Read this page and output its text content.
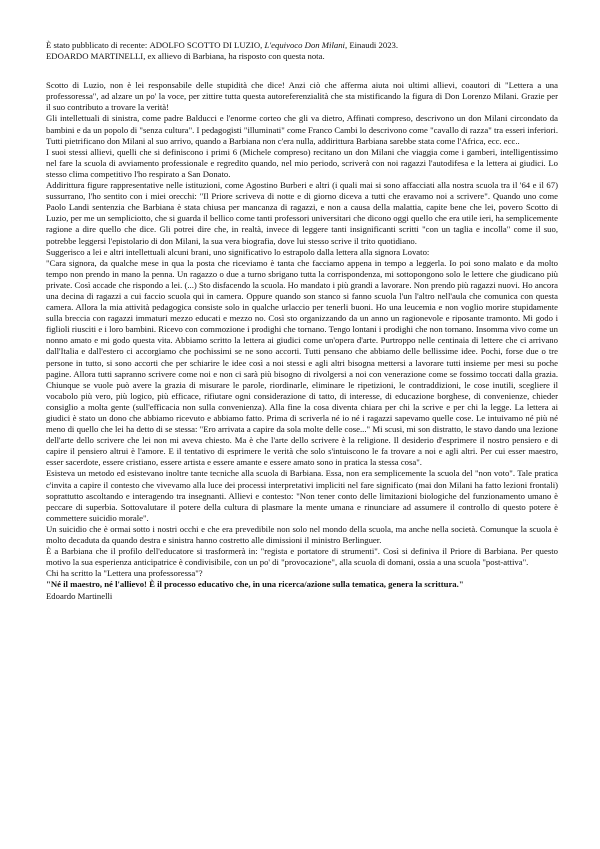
È stato pubblicato di recente: ADOLFO SCOTTO DI LUZIO, L'equivoco Don Milani, Einaudi 2023.

EDOARDO MARTINELLI, ex allievo di Barbiana, ha risposto con questa nota.

Scotto di Luzio, non è lei responsabile delle stupidità che dice! Anzi ciò che afferma aiuta noi ultimi allievi, coautori di "Lettera a una professoressa", ad alzare un po' la voce, per zittire tutta questa autoreferenzialità che sta mistificando la figura di Don Lorenzo Milani. Grazie per il suo contributo a trovare la verità!

Gli intellettuali di sinistra, come padre Balducci e l'enorme corteo che gli va dietro, Affinati compreso, descrivono un don Milani circondato da bambini e da un popolo di "senza cultura". I pedagogisti "illuminati" come Franco Cambi lo descrivono come "cavallo di razza" tra esseri inferiori. Tutti pietrificano don Milani al suo arrivo, quando a Barbiana non c'era nulla, addirittura Barbiana sarebbe stata come l'Africa, ecc. ecc..

I suoi stessi allievi, quelli che si definiscono i primi 6 (Michele compreso) recitano un don Milani che viaggia come i gamberi, intelligentissimo nel fare la scuola di avviamento professionale e regredito quando, nel mio periodo, scriverà con noi ragazzi l'autodifesa e la lettera ai giudici. Lo stesso clima competitivo l'ho respirato a San Donato.

Addirittura figure rappresentative nelle istituzioni, come Agostino Burberi e altri (i quali mai si sono affacciati alla nostra scuola tra il '64 e il 67) sussurrano, l'ho sentito con i miei orecchi: "Il Priore scriveva di notte e di giorno diceva a tutti che eravamo noi a scrivere". Quando uno come Paolo Landi sentenzia che Barbiana è stata chiusa per mancanza di ragazzi, e non a causa della malattia, capite bene che lei, povero Scotto di Luzio, per me un sempliciotto, che si guarda il bellico come tanti professori universitari che dicono oggi quello che era utile ieri, ha semplicemente ragione a dire quello che dice. Gli potrei dire che, in realtà, invece di leggere tanti insignificanti scritti "con un taglia e incolla" come il suo, potrebbe leggersi l'epistolario di don Milani, la sua vera biografia, dove lui stesso scrive il trito quotidiano.

Suggerisco a lei e altri intellettuali alcuni brani, uno significativo lo estrapolo dalla lettera alla signora Lovato:

"Cara signora, da qualche mese in qua la posta che riceviamo è tanta che facciamo appena in tempo a leggerla. Io poi sono malato e da molto tempo non prendo in mano la penna. Un ragazzo o due a turno sbrigano tutta la corrispondenza, mi sottopongono solo le lettere che giudicano più private. Così accade che rispondo a lei. (...) Sto disfacendo la scuola. Ho mandato i più grandi a lavorare. Non prendo più ragazzi nuovi. Ho ancora una decina di ragazzi a cui faccio scuola qui in camera. Oppure quando son stanco si fanno scuola l'un l'altro nell'aula che comunica con questa camera. Allora la mia attività pedagogica consiste solo in qualche urlaccio per tenerli buoni. Ho una leucemia e non voglio morire stupidamente sulla breccia con ragazzi immaturi mezzo educati e mezzo no. Così sto organizzando da un anno un ragionevole e riposante tramonto. Mi godo i figlioli riusciti e i loro bambini. Ricevo con commozione i prodighi che tornano. Tengo lontani i prodighi che non tornano. Insomma vivo come un nonno amato e mi godo questa vita. Abbiamo scritto la lettera ai giudici come un'opera d'arte. Purtroppo nelle centinaia di lettere che ci arrivano dall'Italia e dall'estero ci accorgiamo che pochissimi se ne sono accorti. Tutti pensano che abbiamo delle bellissime idee. Pochi, forse due o tre persone in tutto, si sono accorti che per schiarire le idee così a noi stessi e agli altri bisogna mettersi a lavorare tutti insieme per mesi su poche pagine. Allora tutti sapranno scrivere come noi e non ci sarà più bisogno di rivolgersi a noi con venerazione come se fossimo toccati dalla grazia. Chiunque se vuole può avere la grazia di misurare le parole, riordinarle, eliminare le ripetizioni, le contraddizioni, le cose inutili, scegliere il vocabolo più vero, più logico, più efficace, rifiutare ogni considerazione di tatto, di interesse, di educazione borghese, di convenienze, chieder consiglio a molta gente (sull'efficacia non sulla convenienza). Alla fine la cosa diventa chiara per chi la scrive e per chi la legge. La lettera ai giudici è stato un dono che abbiamo ricevuto e abbiamo fatto. Prima di scriverla né io né i ragazzi sapevamo quelle cose. Le intuivamo né più né meno di quello che lei ha detto di se stessa: "Ero arrivata a capire da sola molte delle cose..." Mi scusi, mi son distratto, le stavo dando una lezione dell'arte dello scrivere che lei non mi aveva chiesto. Ma è che l'arte dello scrivere è la religione. Il desiderio d'esprimere il nostro pensiero e di capire il pensiero altrui è l'amore. E il tentativo di esprimere le verità che solo s'intuiscono le fa trovare a noi e agli altri. Per cui esser maestro, esser sacerdote, essere cristiano, essere artista e essere amante e essere amato sono in pratica la stessa cosa".

Esisteva un metodo ed esistevano inoltre tante tecniche alla scuola di Barbiana. Essa, non era semplicemente la scuola del "non voto". Tale pratica c'invita a capire il contesto che vivevamo alla luce dei processi interpretativi impliciti nel fare significato (mai don Milani ha fatto lezioni frontali) soprattutto ascoltando e interagendo tra insegnanti. Allievi e contesto: "Non tener conto delle limitazioni biologiche del funzionamento umano è peccare di superbia. Sottovalutare il potere della cultura di plasmare la mente umana e rinunciare ad assumere il controllo di questo potere è commettere suicidio morale".

Un suicidio che è ormai sotto i nostri occhi e che era prevedibile non solo nel mondo della scuola, ma anche nella società. Comunque la scuola è molto decaduta da quando destra e sinistra hanno costretto alle dimissioni il ministro Berlinguer.

È a Barbiana che il profilo dell'educatore si trasformerà in: "regista e portatore di strumenti". Così si definiva il Priore di Barbiana. Per questo motivo la sua esperienza anticipatrice è condivisibile, con un po' di "provocazione", alla scuola di domani, ossia a una scuola "post-attiva".

Chi ha scritto la "Lettera una professoressa"?

"Né il maestro, né l'allievo! È il processo educativo che, in una ricerca/azione sulla tematica, genera la scrittura."

Edoardo Martinelli
